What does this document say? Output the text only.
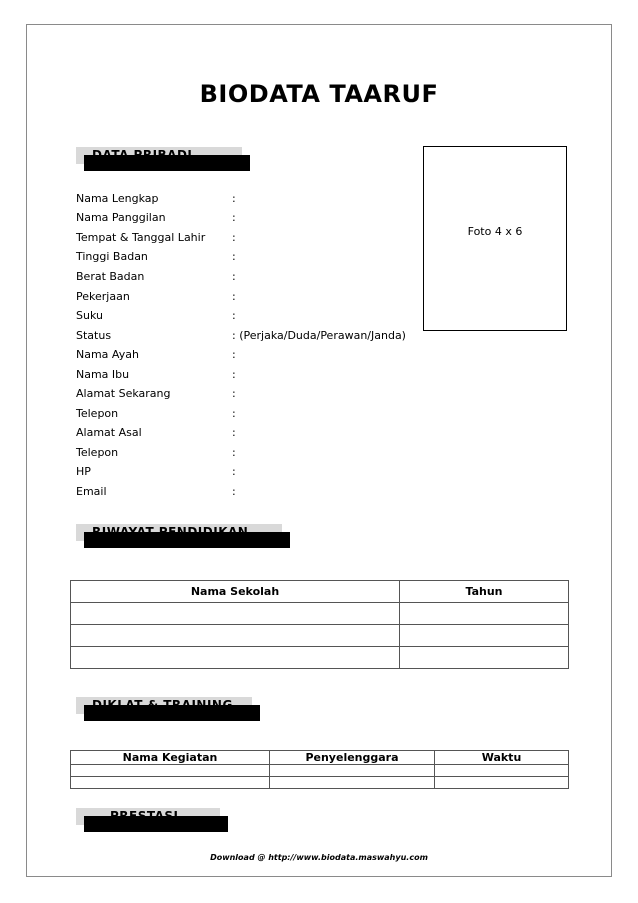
BIODATA TAARUF
Foto 4 x 6
Nama Lengkap	:
Nama Panggilan	:
Tempat & Tanggal Lahir :
Tinggi Badan	:
Berat Badan	:
Pekerjaan	:
Suku	:
Status	: (Perjaka/Duda/Perawan/Janda)
Nama Ayah	:
Nama Ibu	:
Alamat Sekarang	:
Telepon	:
Alamat Asal	:
Telepon	:
HP	:
Email	:
Nama Sekolah	Tahun

Nama Kegiatan	Penyelenggara	Waktu

Download @ http://www.biodata.maswahyu.com
